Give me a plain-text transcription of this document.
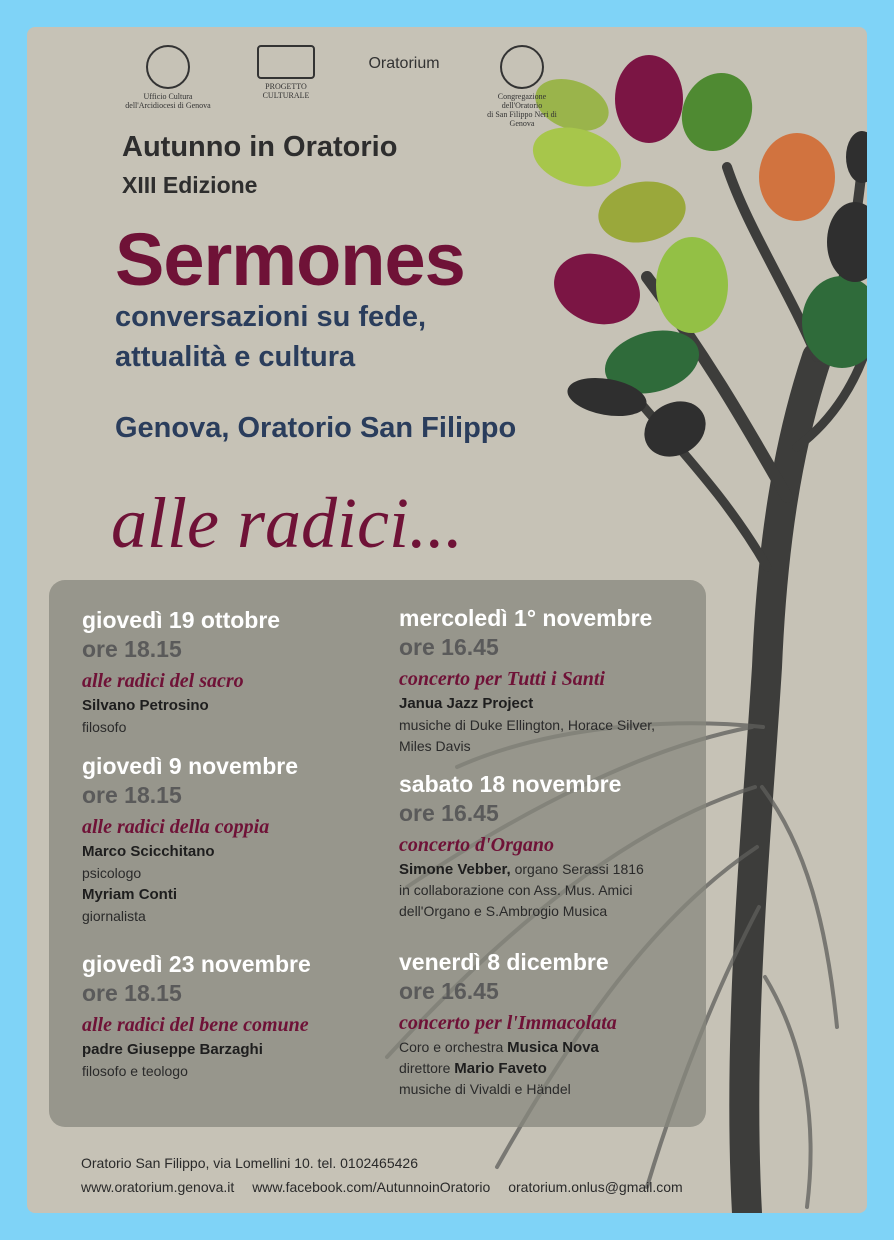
Ufficio Cultura
dell'Arcidiocesi di Genova
PROGETTO CULTURALE
Oratorium
Congregazione dell'Oratorio
di San Filippo Neri di Genova
Autunno in Oratorio
XIII Edizione
Sermones
conversazioni su fede,
attualità e cultura
Genova, Oratorio San Filippo
alle radici...
giovedì 19 ottobre
ore 18.15
alle radici del sacro
Silvano Petrosino
filosofo
giovedì 9 novembre
ore 18.15
alle radici della coppia
Marco Scicchitano
psicologo
Myriam Conti
giornalista
giovedì 23 novembre
ore 18.15
alle radici del bene comune
padre Giuseppe Barzaghi
filosofo e teologo
mercoledì 1° novembre
ore 16.45
concerto per Tutti i Santi
Janua Jazz Project
musiche di Duke Ellington, Horace Silver,
Miles Davis
sabato 18 novembre
ore 16.45
concerto d'Organo
Simone Vebber, organo Serassi 1816
in collaborazione con Ass. Mus. Amici
dell'Organo e S.Ambrogio Musica
venerdì 8 dicembre
ore 16.45
concerto per l'Immacolata
Coro e orchestra Musica Nova
direttore Mario Faveto
musiche di Vivaldi e Händel
Oratorio San Filippo, via Lomellini 10. tel. 0102465426
www.oratorium.genova.it www.facebook.com/AutunnoinOratorio oratorium.onlus@gmail.com
